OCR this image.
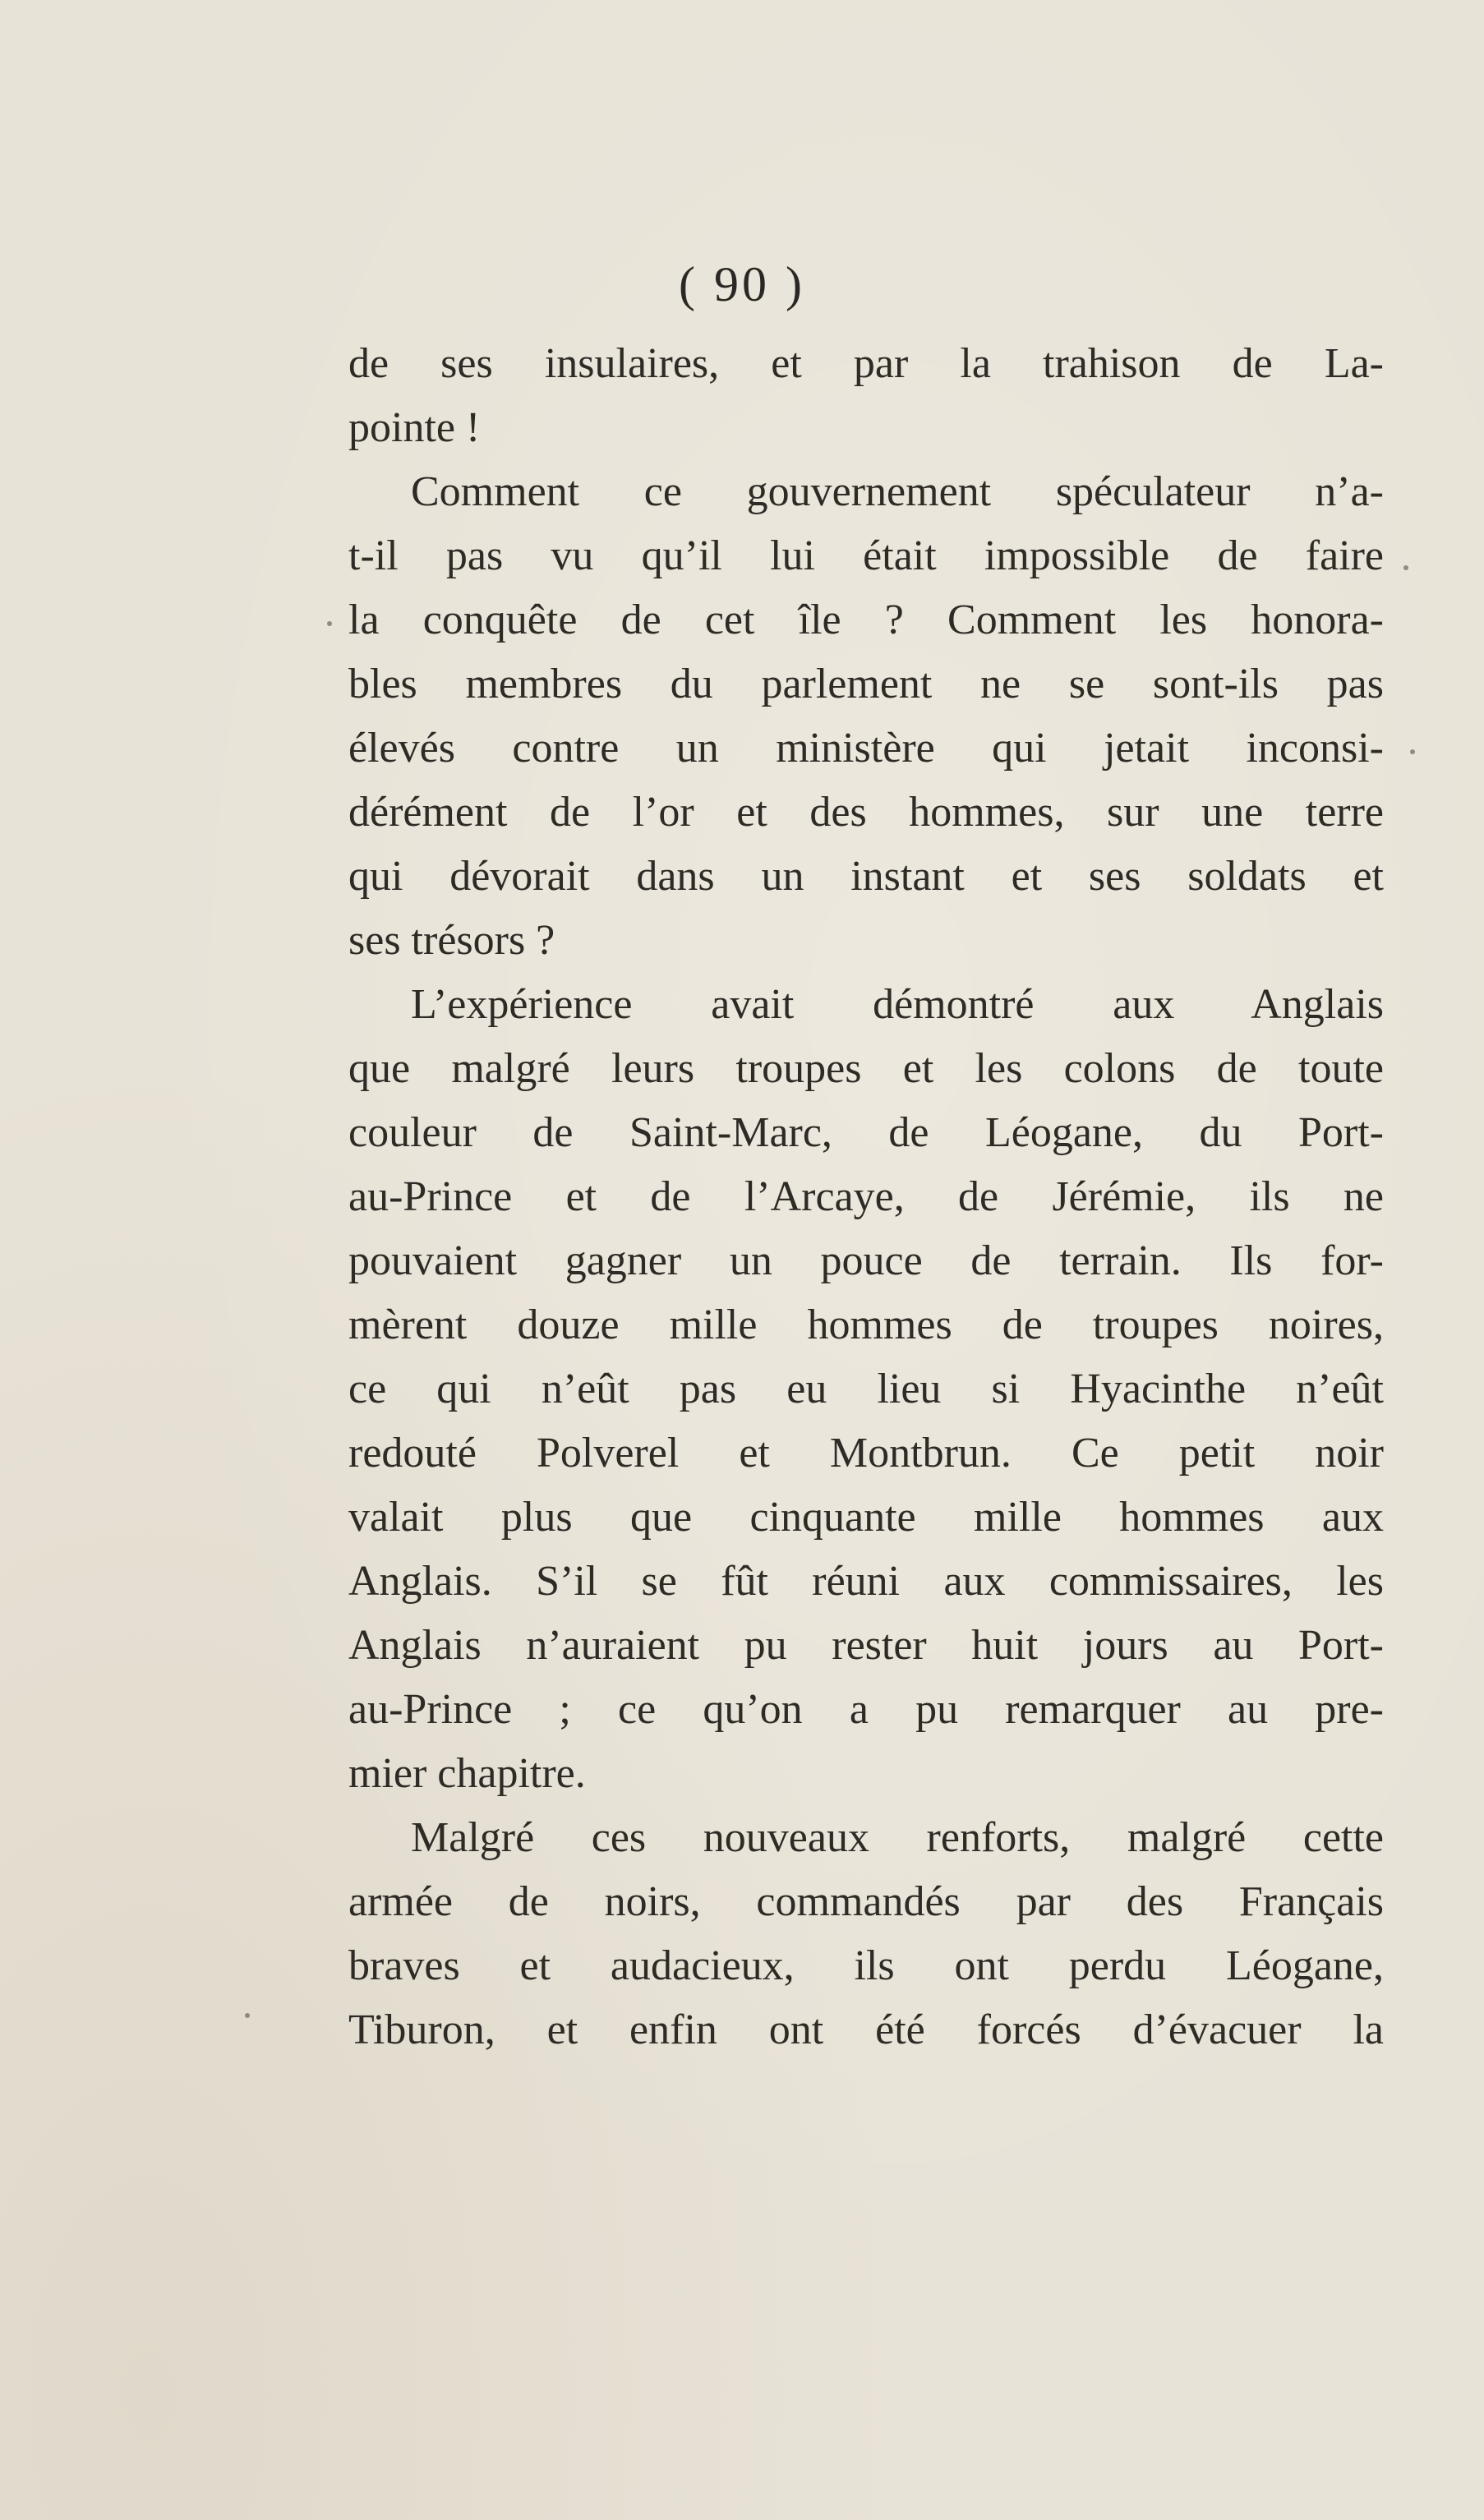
( 90 )
de ses insulaires, et par la trahison de La-
pointe !
Comment ce gouvernement spéculateur n’a-
t-il pas vu qu’il lui était impossible de faire
la conquête de cet île ? Comment les honora-
bles membres du parlement ne se sont-ils pas
élevés contre un ministère qui jetait inconsi-
dérément de l’or et des hommes, sur une terre
qui dévorait dans un instant et ses soldats et
ses trésors ?
L’expérience avait démontré aux Anglais
que malgré leurs troupes et les colons de toute
couleur de Saint-Marc, de Léogane, du Port-
au-Prince et de l’Arcaye, de Jérémie, ils ne
pouvaient gagner un pouce de terrain. Ils for-
mèrent douze mille hommes de troupes noires,
ce qui n’eût pas eu lieu si Hyacinthe n’eût
redouté Polverel et Montbrun. Ce petit noir
valait plus que cinquante mille hommes aux
Anglais. S’il se fût réuni aux commissaires, les
Anglais n’auraient pu rester huit jours au Port-
au-Prince ; ce qu’on a pu remarquer au pre-
mier chapitre.
Malgré ces nouveaux renforts, malgré cette
armée de noirs, commandés par des Français
braves et audacieux, ils ont perdu Léogane,
Tiburon, et enfin ont été forcés d’évacuer la
